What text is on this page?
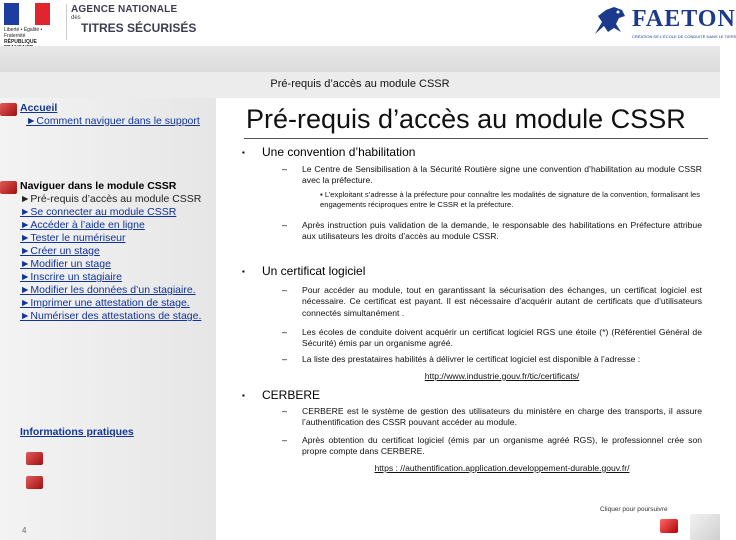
Liberté • Égalité • Fraternité
RÉPUBLIQUE
AGENCE NATIONALE
des
TITRES SÉCURISÉS	FAETON
CRÉATION DE L'ÉCOLE DE CONDUITE DANS LE TIERS
Pré-requis d’accès au module CSSR
Accueil
►Comment naviguer dans le support
Naviguer dans le module CSSR
►Pré-requis d’accès au module CSSR
►Se connecter au module CSSR
►Accéder à l’aide en ligne
►Tester le numériseur
►Créer un stage
►Modifier un stage
►Inscrire un stagiaire
►Modifier les données d’un stagiaire.
►Imprimer une attestation de stage.
►Numériser des attestations de stage.
Informations pratiques
4
Pré-requis d’accès au module CSSR
▪ Une convention d’habilitation
– Le Centre de Sensibilisation à la Sécurité Routière signe une convention d’habilitation au module CSSR avec la préfecture.
▪ L’exploitant s’adresse à la préfecture pour connaître les modalités de signature de la convention, formalisant les engagements réciproques entre le CSSR et la préfecture.
– Après instruction puis validation de la demande, le responsable des habilitations en Préfecture attribue aux utilisateurs les droits d’accès au module CSSR.
▪ Un certificat logiciel
– Pour accéder au module, tout en garantissant la sécurisation des échanges, un certificat logiciel est nécessaire. Ce certificat est payant. Il est nécessaire d’acquérir autant de certificats que d’utilisateurs connectés simultanément .
– Les écoles de conduite doivent acquérir un certificat logiciel RGS une étoile (*) (Référentiel Général de Sécurité) émis par un organisme agréé.
– La liste des prestataires habilités à délivrer le certificat logiciel est disponible à l’adresse :
http://www.industrie.gouv.fr/tic/certificats/
▪ CERBERE
– CERBERE est le système de gestion des utilisateurs du ministère en charge des transports, il assure l’authentification des CSSR pouvant accéder au module.
– Après obtention du certificat logiciel (émis par un organisme agréé RGS), le professionnel crée son propre compte dans CERBERE.
https : //authentification.application.developpement-durable.gouv.fr/
Cliquer pour poursuivre
